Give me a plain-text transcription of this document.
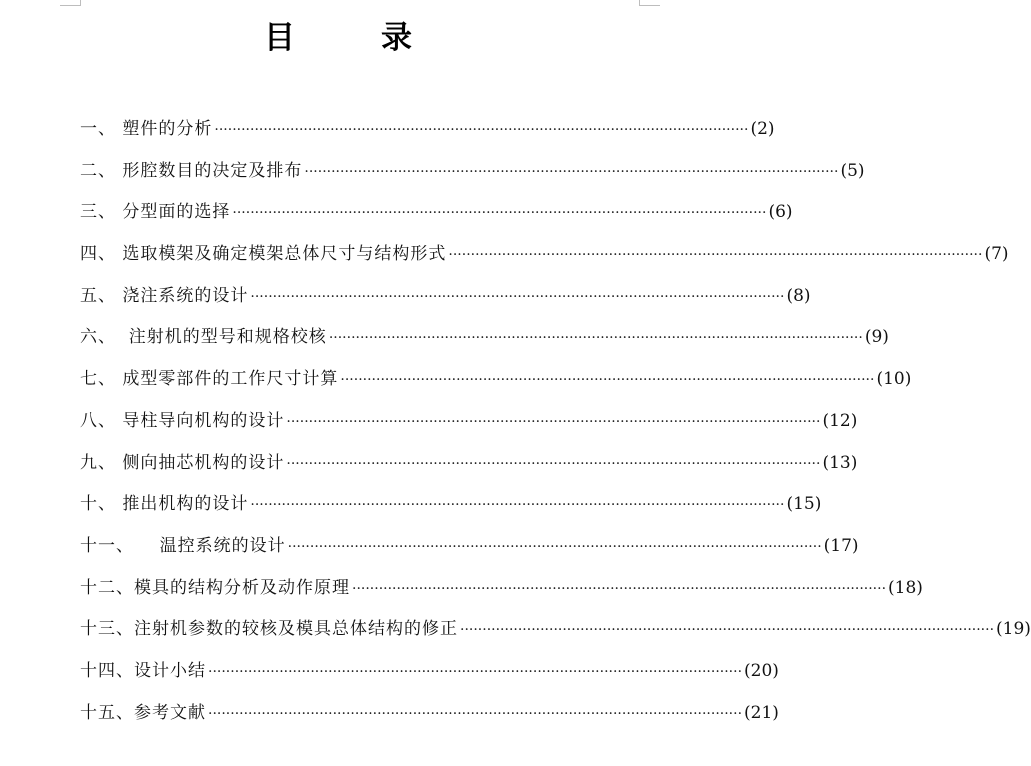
目录
一、 塑件的分析 ························································································································ (2)
二、 形腔数目的决定及排布 ························································································································ (5)
三、 分型面的选择 ························································································································ (6)
四、 选取模架及确定模架总体尺寸与结构形式 ························································································································ (7)
五、 浇注系统的设计 ························································································································ (8)
六、  注射机的型号和规格校核 ························································································································ (9)
七、 成型零部件的工作尺寸计算 ························································································································ (10)
八、 导柱导向机构的设计 ························································································································ (12)
九、 侧向抽芯机构的设计 ························································································································ (13)
十、 推出机构的设计 ························································································································ (15)
十一、    温控系统的设计 ························································································································ (17)
十二、模具的结构分析及动作原理 ························································································································ (18)
十三、注射机参数的较核及模具总体结构的修正 ························································································································ (19)
十四、设计小结 ························································································································ (20)
十五、参考文献 ························································································································ (21)
